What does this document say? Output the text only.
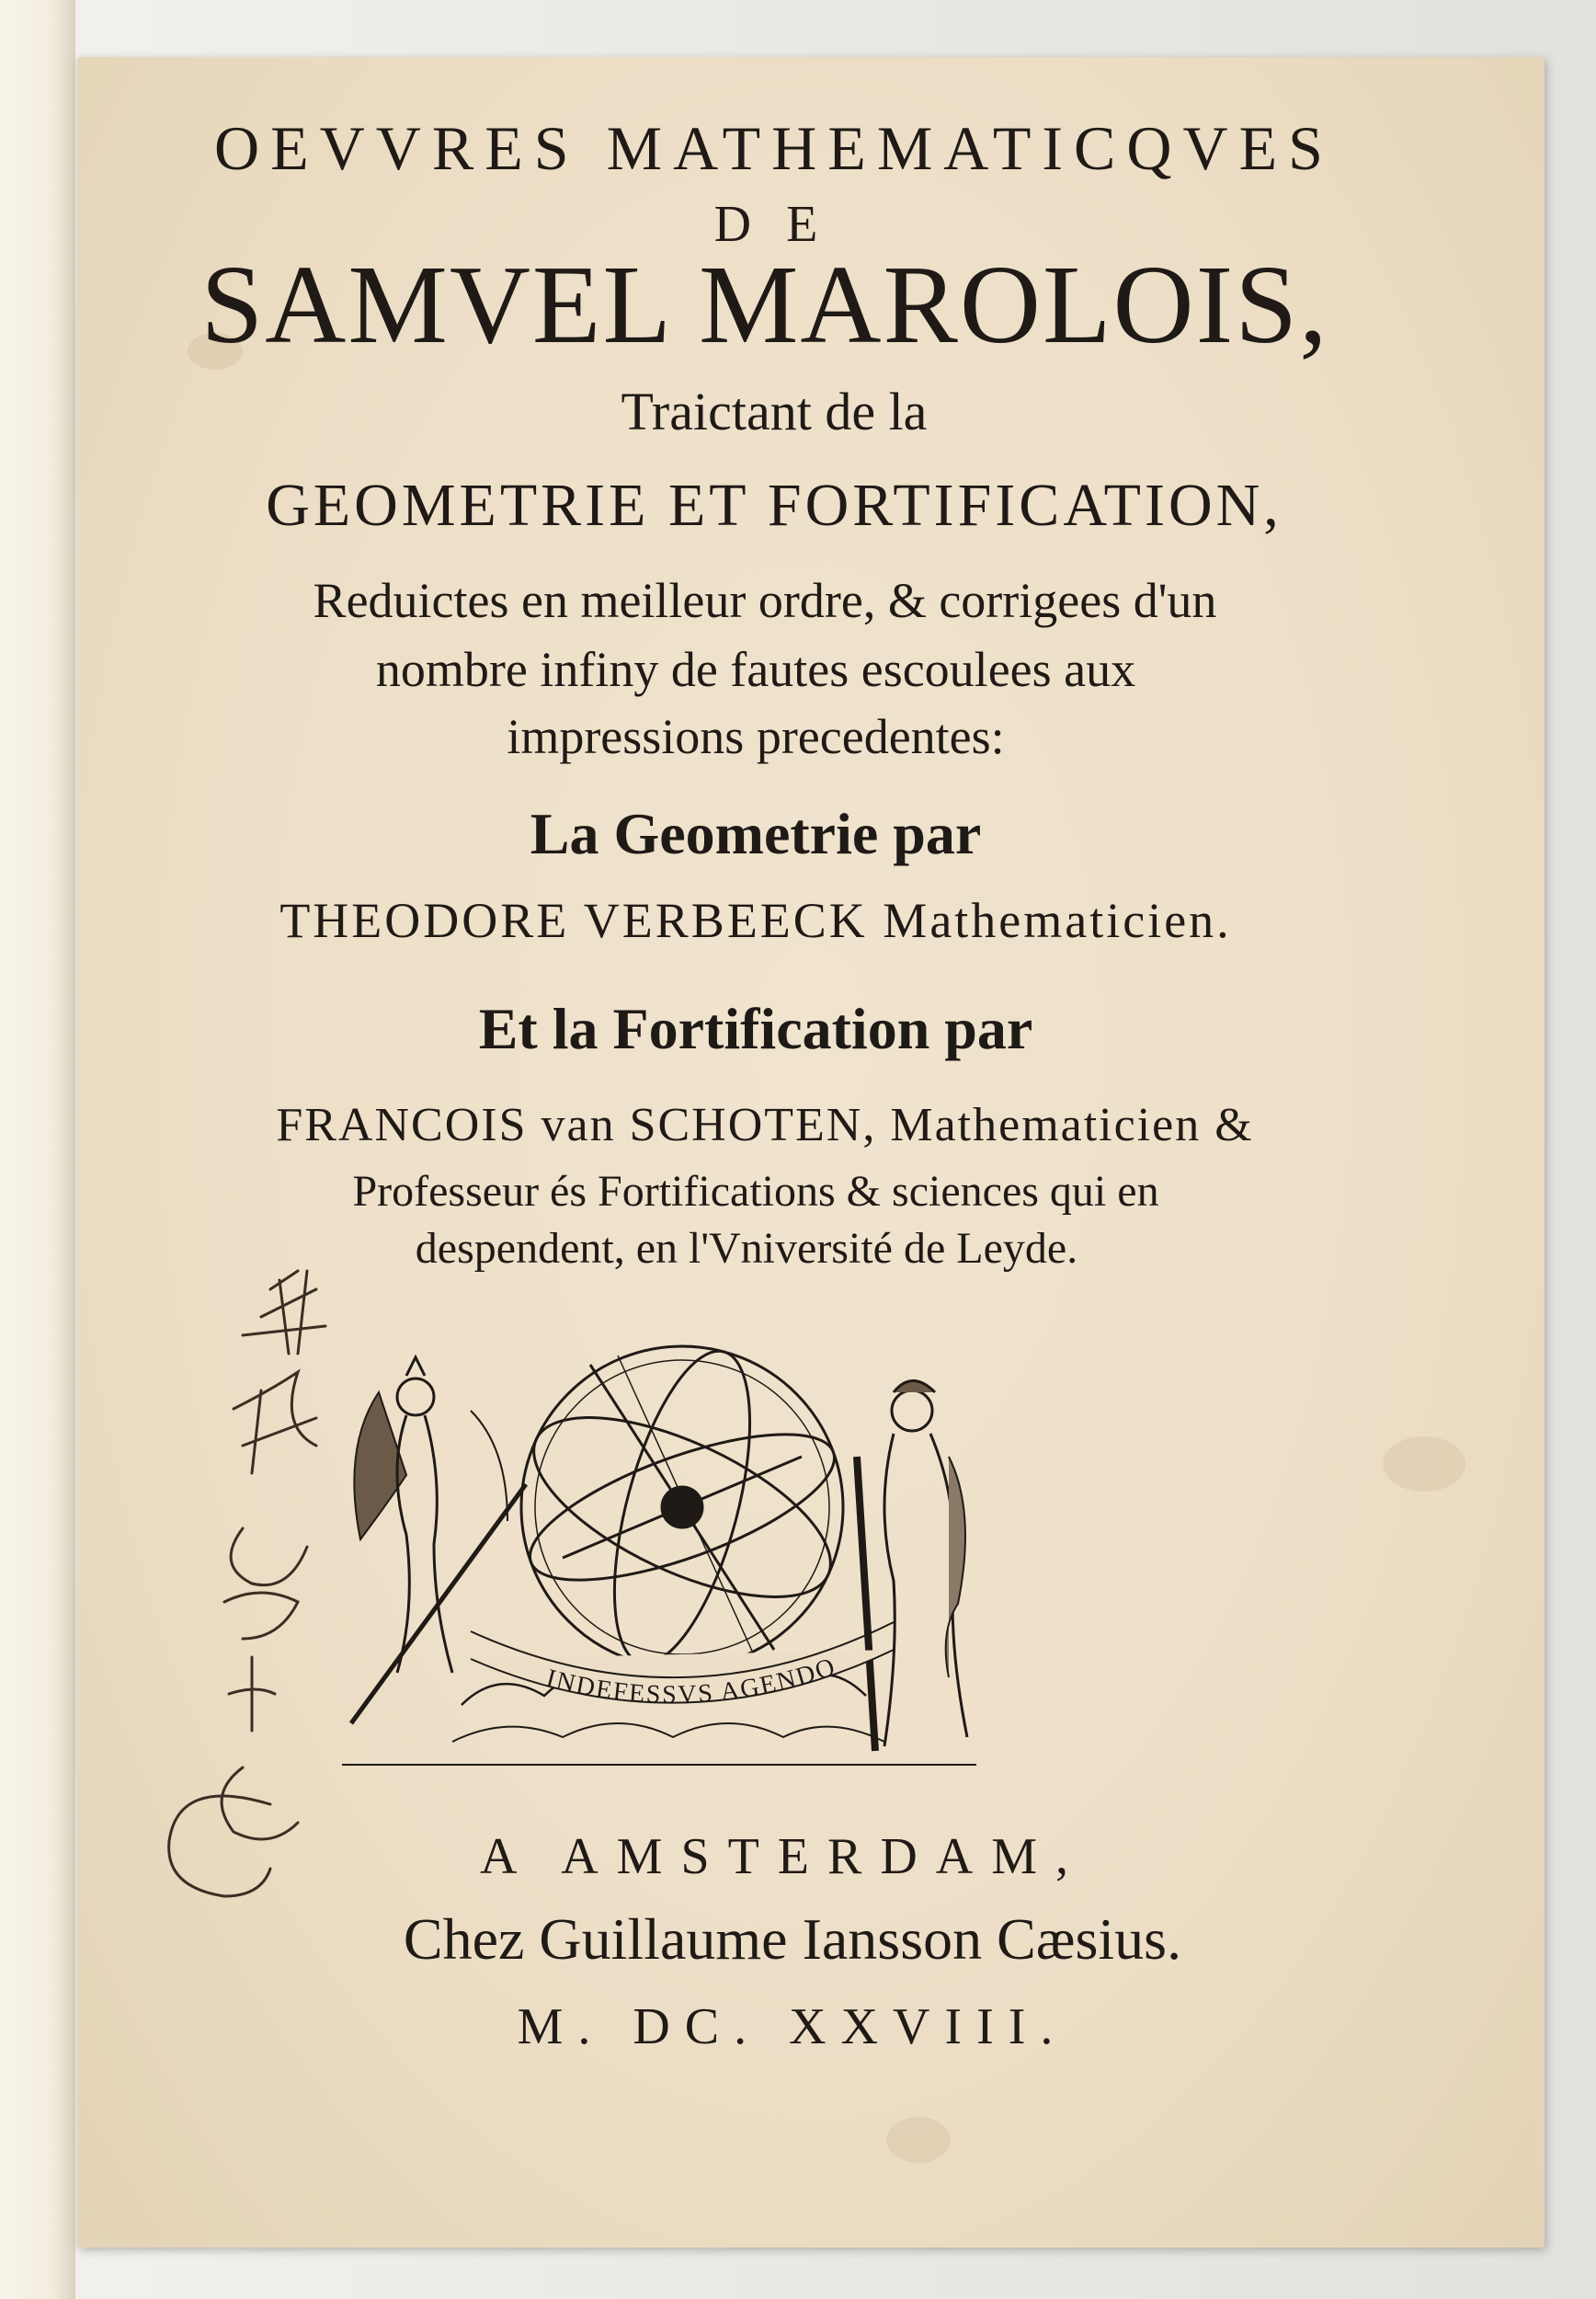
OEVVRES MATHEMATICQVES
DE
SAMVEL MAROLOIS,
Traictant de la
GEOMETRIE ET FORTIFICATION,
Reduictes en meilleur ordre, & corrigees d'un
nombre infiny de fautes escoulees aux
impressions precedentes:
La Geometrie par
THEODORE VERBEECK Mathematicien.
Et la Fortification par
FRANCOIS van SCHOTEN, Mathematicien &
Professeur és Fortifications & sciences qui en
despendent, en l'Vniversité de Leyde.
INDEFESSVS AGENDO
A AMSTERDAM,
Chez Guillaume Iansson Cæsius.
M. DC. XXVIII.
